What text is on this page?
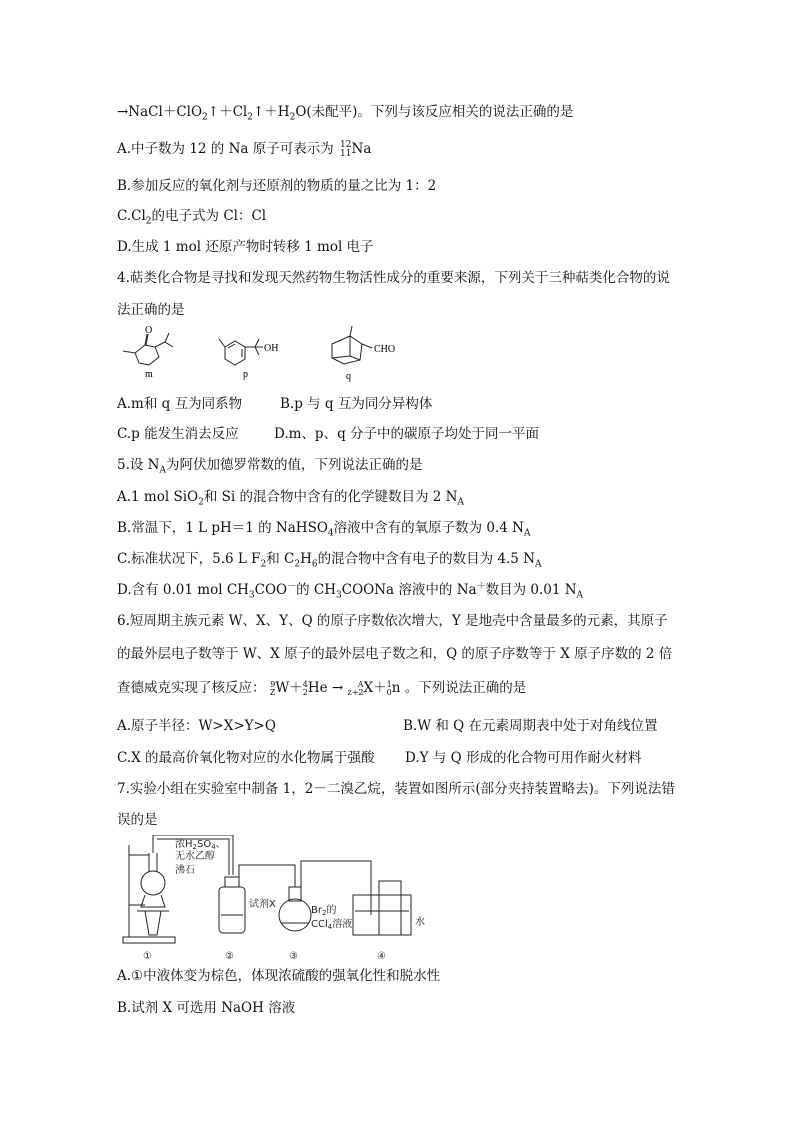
$\to NaCl+ClO_2↑+Cl_2↑+H_2O$(未配平)。下列与该反应相关的说法正确的是
A.中子数为 12 的 Na 原子可表示为 12
11 Na
B.参加反应的氧化剂与还原剂的物质的量之比为 1：2
$C.Cl_2$的电子式为 Cl：Cl
D.生成 1 mol 还原产物时转移 1 mol 电子
4.萜类化合物是寻找和发现天然药物生物活性成分的重要来源，下列关于三种萜类化合物的说
法正确的是
O
m
OH
p
CHO
q
A.m和 q 互为同系物	B.p 与 q 互为同分异构体
C.p 能发生消去反应	D.m、p、q 分子中的碳原子均处于同一平面
5.设 $N_A$为阿伏加德罗常数的值，下列说法正确的是
A.1 mol SiO$_2$和 Si 的混合物中含有的化学键数目为 2 $N_A$
B.常温下，1 L pH＝1 的 NaHSO$_4$溶液中含有的氧原子数为 0.4 $N_A$
C.标准状况下，5.6 L $F_2$和 $C_2H_6$的混合物中含有电子的数目为 4.5 $N_A$
D.含有 0.01 mol $CH_3COO^-$的 $CH_3COONa$ 溶液中的 Na＋数目为 0.01 $N_A$
6.短周期主族元素 W、X、Y、Q 的原子序数依次增大，Y 是地壳中含量最多的元素，其原子
的最外层电子数等于 W、X 原子的最外层电子数之和，Q 的原子序数等于 X 原子序数的 2 倍
查德威克实现了核反应： 9
Z W＋ 4
2 He →	A
z+2 X＋ 1
0 n 。下列说法正确的是
A.原子半径：W>X>Y>Q	B.W 和 Q 在元素周期表中处于对角线位置
C.X 的最高价氧化物对应的水化物属于强酸 D.Y 与 Q 形成的化合物可用作耐火材料
7.实验小组在实验室中制备 1，2－二溴乙烷，装置如图所示(部分夹持装置略去)。下列说法错
误的是
浓$H_2SO_4$、
无水乙醇
沸石
试剂X
$Br_2$的
CCl$_4$溶液	水
①	②	③	④
A.①中液体变为棕色，体现浓硫酸的强氧化性和脱水性
B.试剂 X 可选用 NaOH 溶液
